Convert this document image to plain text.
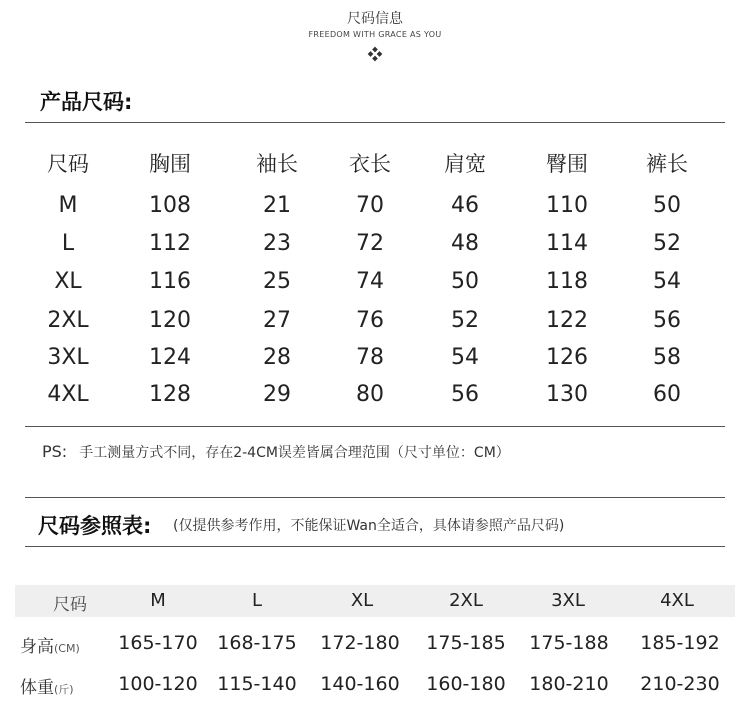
尺码信息
FREEDOM WITH GRACE AS YOU
产品尺码:
尺码	胸围	袖长	衣长	肩宽	臀围	裤长
M	108	21	70	46	110	50
L	112	23	72	48	114	52
XL	116	25	74	50	118	54
2XL	120	27	76	52	122	56
3XL	124	28	78	54	126	58
4XL	128	29	80	56	130	60
PS: 手工测量方式不同，存在2-4CM误差皆属合理范围（尺寸单位：CM）
尺码参照表: (仅提供参考作用，不能保证Wan全适合，具体请参照产品尺码)
尺码	M	L	XL	2XL	3XL	4XL
身高(CM)	165-170	168-175	172-180	175-185	175-188	185-192
体重(斤)	100-120	115-140	140-160	160-180	180-210	210-230
